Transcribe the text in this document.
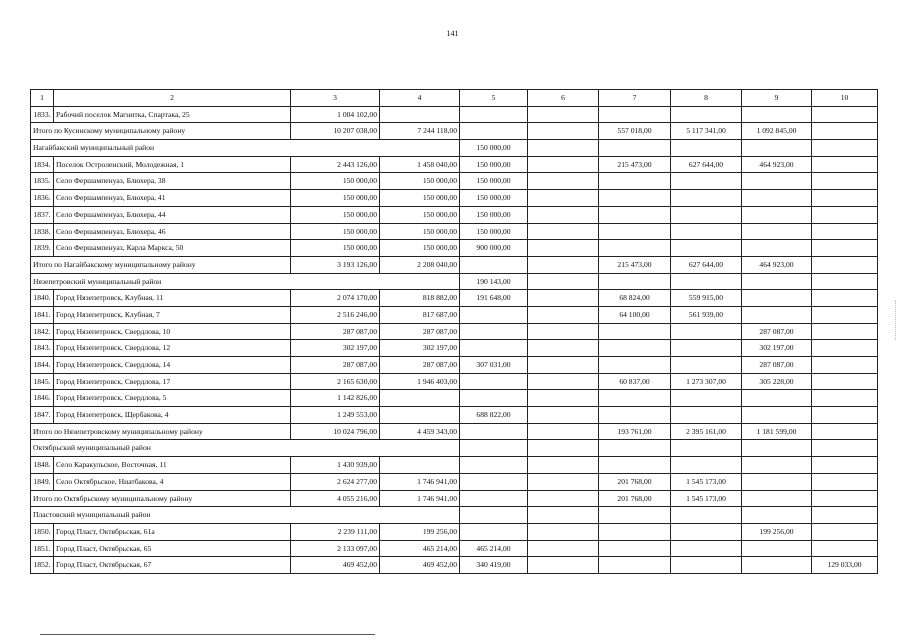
141
1	2	3	4	5	6	7	8	9	10
1833.	Рабочий поселок Магнитка, Спартака, 25	1 004 102,00							
Итого по Кусинскому муниципальному району		10 207 038,00	7 244 118,00			557 018,00	5 117 341,00	1 092 845,00	
Нагайбакский муниципальный район				150 000,00					
1834.	Поселок Остроленский, Молодежная, 1	2 443 126,00	1 458 040,00	150 000,00		215 473,00	627 644,00	464 923,00	
1835.	Село Фершампенуаз, Блюхера, 38	150 000,00	150 000,00	150 000,00					
1836.	Село Фершампенуаз, Блюхера, 41	150 000,00	150 000,00	150 000,00					
1837.	Село Фершампенуаз, Блюхера, 44	150 000,00	150 000,00	150 000,00					
1838.	Село Фершампенуаз, Блюхера, 46	150 000,00	150 000,00	150 000,00					
1839.	Село Фершампенуаз, Карла Маркса, 50	150 000,00	150 000,00	900 000,00					
Итого по Нагайбакскому муниципальному району		3 193 126,00	2 208 040,00			215 473,00	627 644,00	464 923,00	
Нязепетровский муниципальный район				190 143,00					
1840.	Город Нязепетровск, Клубная, 11	2 074 170,00	818 882,00	191 648,00		68 824,00	559 915,00		
1841.	Город Нязепетровск, Клубная, 7	2 516 246,00	817 687,00			64 100,00	561 939,00		
1842.	Город Нязепетровск, Свердлова, 10	287 087,00	287 087,00					287 087,00	
1843.	Город Нязепетровск, Свердлова, 12	302 197,00	302 197,00					302 197,00	
1844.	Город Нязепетровск, Свердлова, 14	287 087,00	287 087,00	307 031,00				287 087,00	
1845.	Город Нязепетровск, Свердлова, 17	2 165 630,00	1 946 403,00			60 837,00	1 273 307,00	305 228,00	
1846.	Город Нязепетровск, Свердлова, 5	1 142 826,00							
1847.	Город Нязепетровск, Щербакова, 4	1 249 553,00		688 822,00					
Итого по Нязепетровскому муниципальному району		10 024 796,00	4 459 343,00			193 761,00	2 395 161,00	1 181 599,00	
Октябрьский муниципальный район									
1848.	Село Каракульское, Восточная, 11	1 430 939,00							
1849.	Село Октябрьское, Ниатбакова, 4	2 624 277,00	1 746 941,00			201 768,00	1 545 173,00		
Итого по Октябрьскому муниципальному району		4 055 216,00	1 746 941,00			201 768,00	1 545 173,00		
Пластовский муниципальный район									
1850.	Город Пласт, Октябрьская, 61а	2 239 111,00	199 256,00					199 256,00	
1851.	Город Пласт, Октябрьская, 65	2 133 097,00	465 214,00	465 214,00					
1852.	Город Пласт, Октябрьская, 67	469 452,00	469 452,00	340 419,00					129 033,00
